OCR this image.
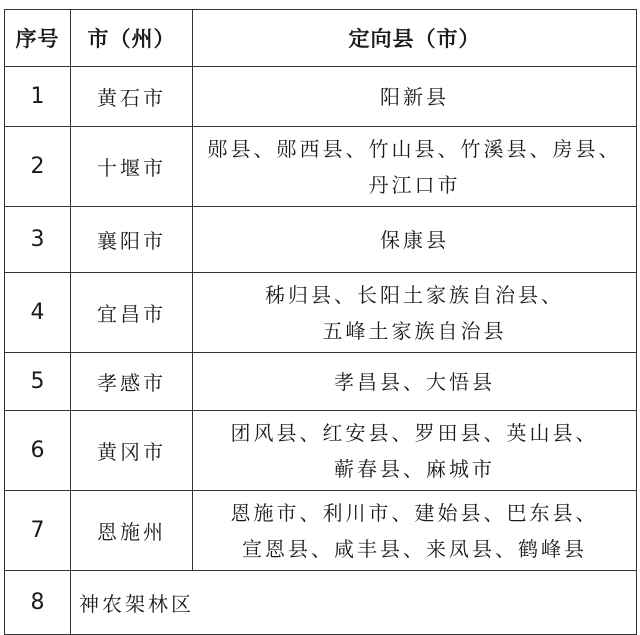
序号	市（州）	定向县（市）
1	黄石市	阳新县

2	十堰市	郧县、郧西县、竹山县、竹溪县、房县、
丹江口市

3	襄阳市	保康县

4	宜昌市	秭归县、长阳土家族自治县、
五峰土家族自治县

5	孝感市	孝昌县、大悟县

6	黄冈市	团风县、红安县、罗田县、英山县、
蕲春县、麻城市

7	恩施州	恩施市、利川市、建始县、巴东县、
宣恩县、咸丰县、来凤县、鹤峰县

8	神农架林区	
